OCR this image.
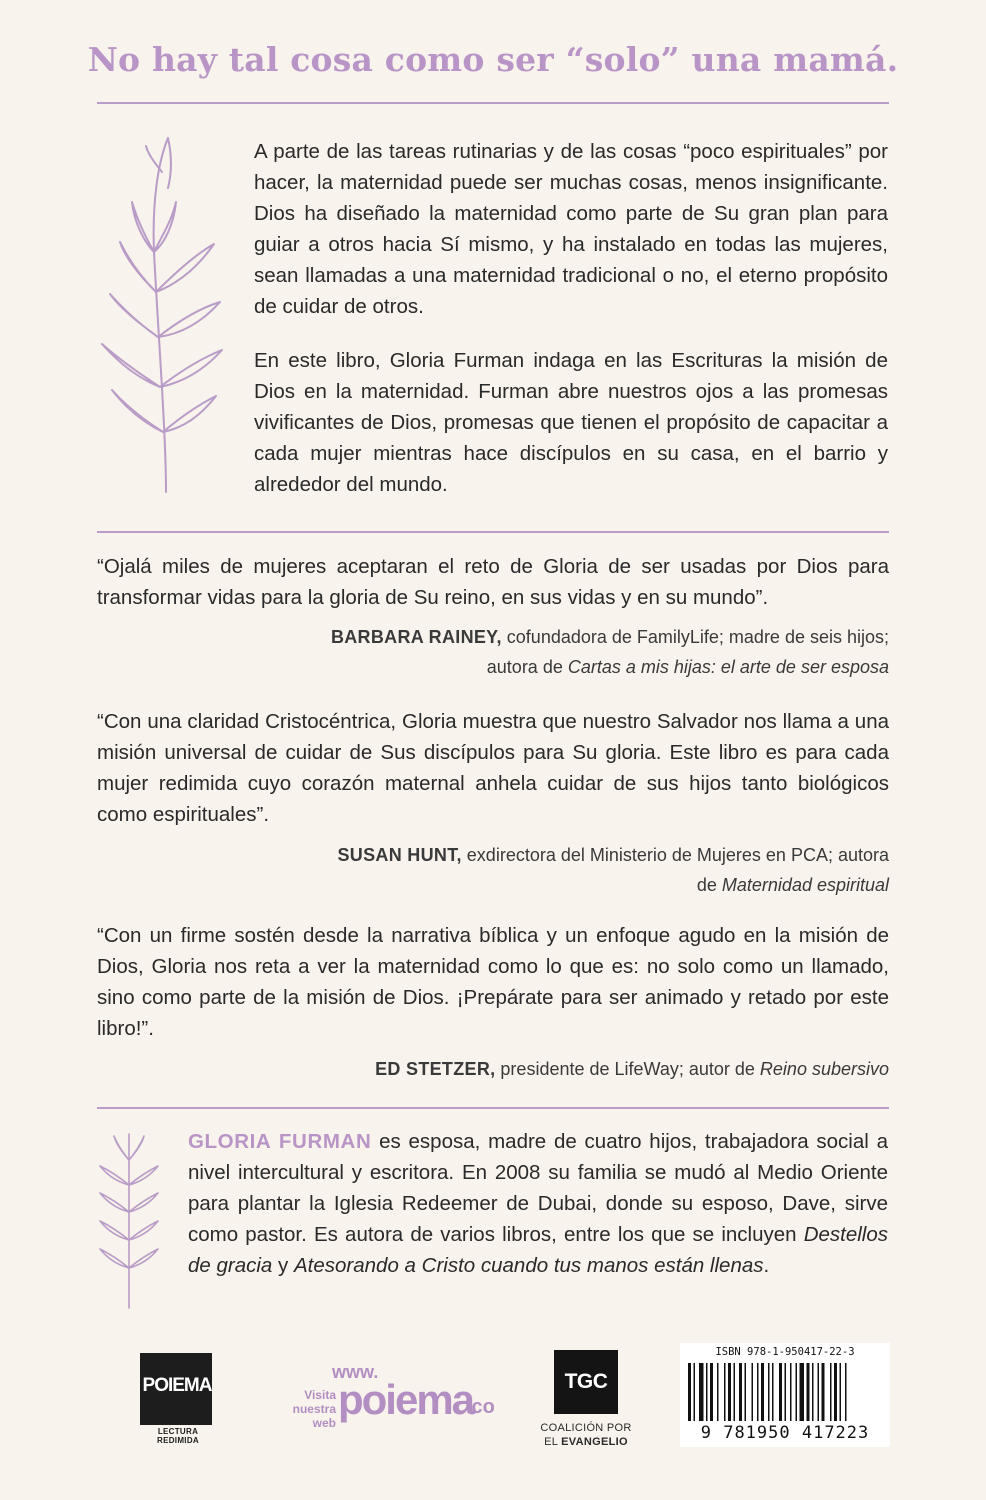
No hay tal cosa como ser “solo” una mamá.

A parte de las tareas rutinarias y de las cosas “poco espirituales” por hacer, la maternidad puede ser muchas cosas, menos insignificante. Dios ha diseñado la maternidad como parte de Su gran plan para guiar a otros hacia Sí mismo, y ha instalado en todas las mujeres, sean llamadas a una maternidad tradicional o no, el eterno propósito de cuidar de otros.

En este libro, Gloria Furman indaga en las Escrituras la misión de Dios en la maternidad. Furman abre nuestros ojos a las promesas vivificantes de Dios, promesas que tienen el propósito de capacitar a cada mujer mientras hace discípulos en su casa, en el barrio y alrededor del mundo.

“Ojalá miles de mujeres aceptaran el reto de Gloria de ser usadas por Dios para transformar vidas para la gloria de Su reino, en sus vidas y en su mundo”.

BARBARA RAINEY, cofundadora de FamilyLife; madre de seis hijos; autora de Cartas a mis hijas: el arte de ser esposa

“Con una claridad Cristocéntrica, Gloria muestra que nuestro Salvador nos llama a una misión universal de cuidar de Sus discípulos para Su gloria. Este libro es para cada mujer redimida cuyo corazón maternal anhela cuidar de sus hijos tanto biológicos como espirituales”.

SUSAN HUNT, exdirectora del Ministerio de Mujeres en PCA; autora de Maternidad espiritual

“Con un firme sostén desde la narrativa bíblica y un enfoque agudo en la misión de Dios, Gloria nos reta a ver la maternidad como lo que es: no solo como un llamado, sino como parte de la misión de Dios. ¡Prepárate para ser animado y retado por este libro!”.

ED STETZER, presidente de LifeWay; autor de Reino subersivo

GLORIA FURMAN es esposa, madre de cuatro hijos, trabajadora social a nivel intercultural y escritora. En 2008 su familia se mudó al Medio Oriente para plantar la Iglesia Redeemer de Dubai, donde su esposo, Dave, sirve como pastor. Es autora de varios libros, entre los que se incluyen Destellos de gracia y Atesorando a Cristo cuando tus manos están llenas.

POIEMA
LECTURA REDIMIDA
Visita nuestra web
www.
poiema
.co
TGC
COALICIÓN POR
EL EVANGELIO
ISBN 978-1-950417-22-3
9 781950 417223
